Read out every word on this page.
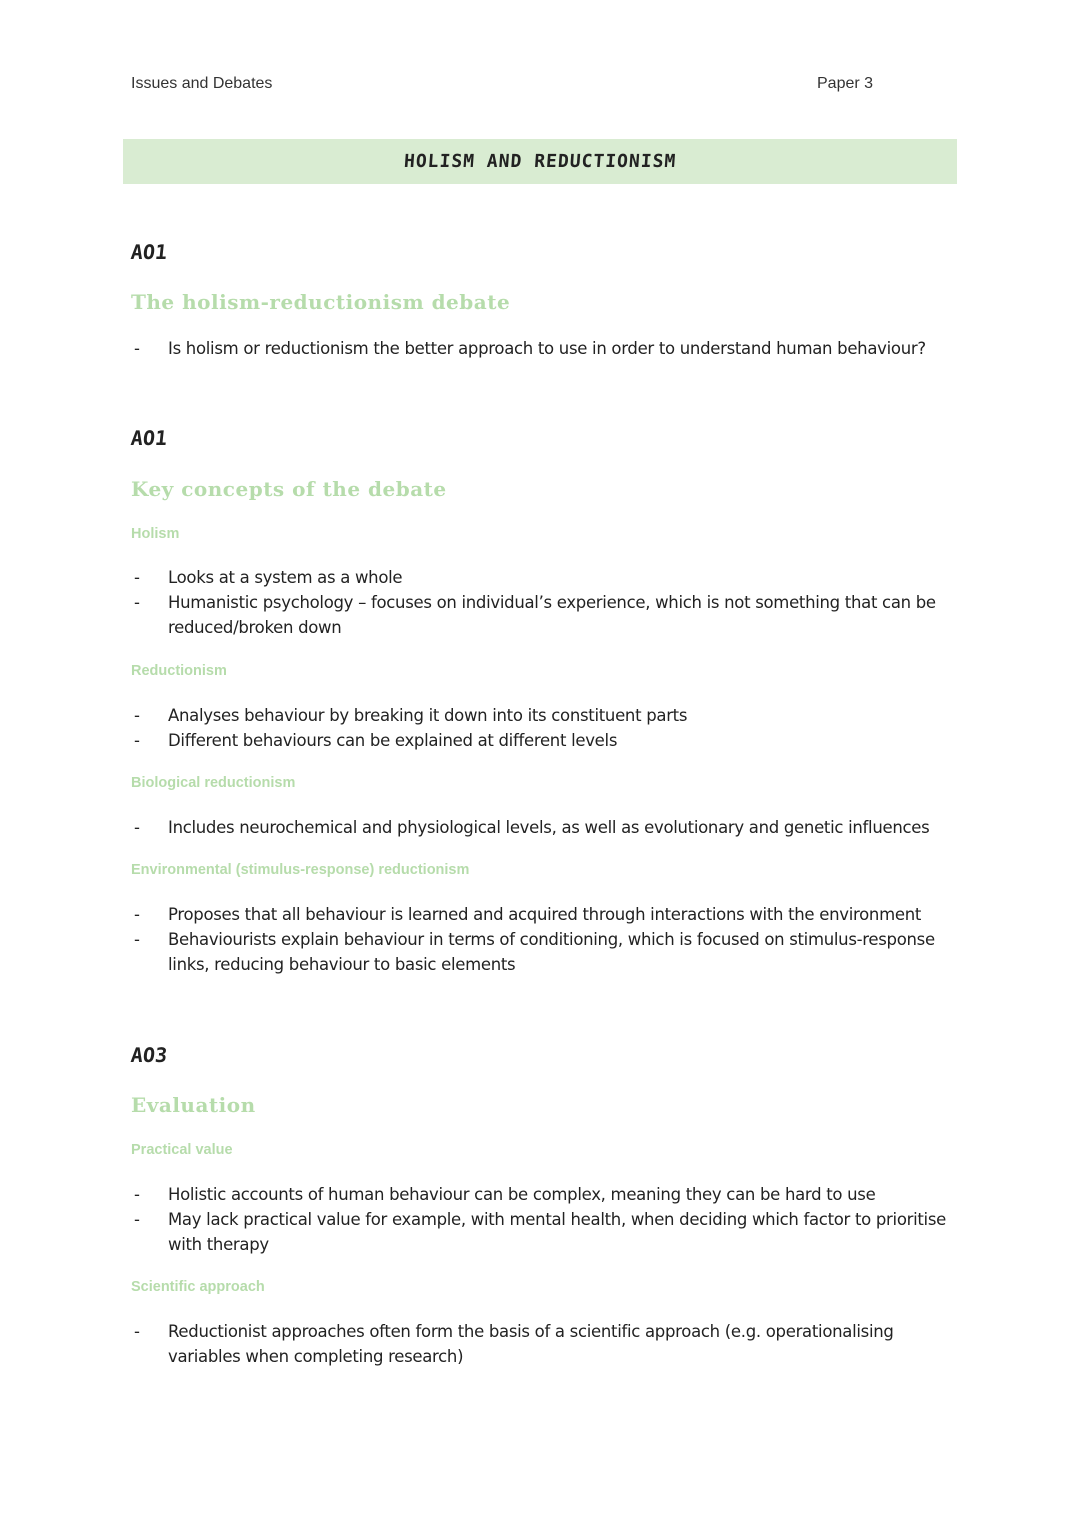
Issues and Debates	Paper 3
HOLISM AND REDUCTIONISM
AO1
The holism-reductionism debate
- Is holism or reductionism the better approach to use in order to understand human behaviour?
AO1
Key concepts of the debate
Holism
- Looks at a system as a whole
- Humanistic psychology – focuses on individual’s experience, which is not something that can be reduced/broken down
Reductionism
- Analyses behaviour by breaking it down into its constituent parts
- Different behaviours can be explained at different levels
Biological reductionism
- Includes neurochemical and physiological levels, as well as evolutionary and genetic influences
Environmental (stimulus-response) reductionism
- Proposes that all behaviour is learned and acquired through interactions with the environment
- Behaviourists explain behaviour in terms of conditioning, which is focused on stimulus-response links, reducing behaviour to basic elements
AO3
Evaluation
Practical value
- Holistic accounts of human behaviour can be complex, meaning they can be hard to use
- May lack practical value for example, with mental health, when deciding which factor to prioritise with therapy
Scientific approach
- Reductionist approaches often form the basis of a scientific approach (e.g. operationalising variables when completing research)
